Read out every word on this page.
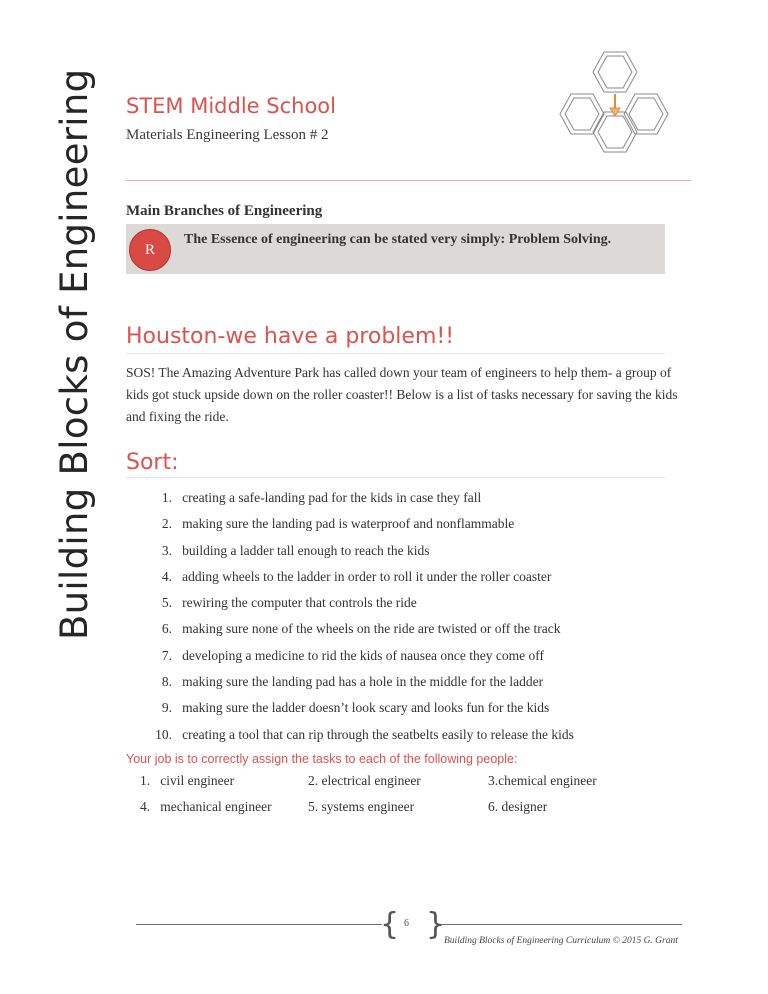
Building Blocks of Engineering	STEM Middle School
Materials Engineering Lesson # 2
Main Branches of Engineering
R
The Essence of engineering can be stated very simply: Problem Solving.
Houston-we have a problem!!
SOS! The Amazing Adventure Park has called down your team of engineers to help them- a group of kids got stuck upside down on the roller coaster!! Below is a list of tasks necessary for saving the kids and fixing the ride.
Sort:
1. creating a safe-landing pad for the kids in case they fall
2. making sure the landing pad is waterproof and nonflammable
3. building a ladder tall enough to reach the kids
4. adding wheels to the ladder in order to roll it under the roller coaster
5. rewiring the computer that controls the ride
6. making sure none of the wheels on the ride are twisted or off the track
7. developing a medicine to rid the kids of nausea once they come off
8. making sure the landing pad has a hole in the middle for the ladder
9. making sure the ladder doesn’t look scary and looks fun for the kids
10. creating a tool that can rip through the seatbelts easily to release the kids
Your job is to correctly assign the tasks to each of the following people:
1.   civil engineer	2. electrical engineer	3.chemical engineer
4.   mechanical engineer	5. systems engineer	6. designer
{ }
6
Building Blocks of Engineering Curriculum © 2015 G. Grant
